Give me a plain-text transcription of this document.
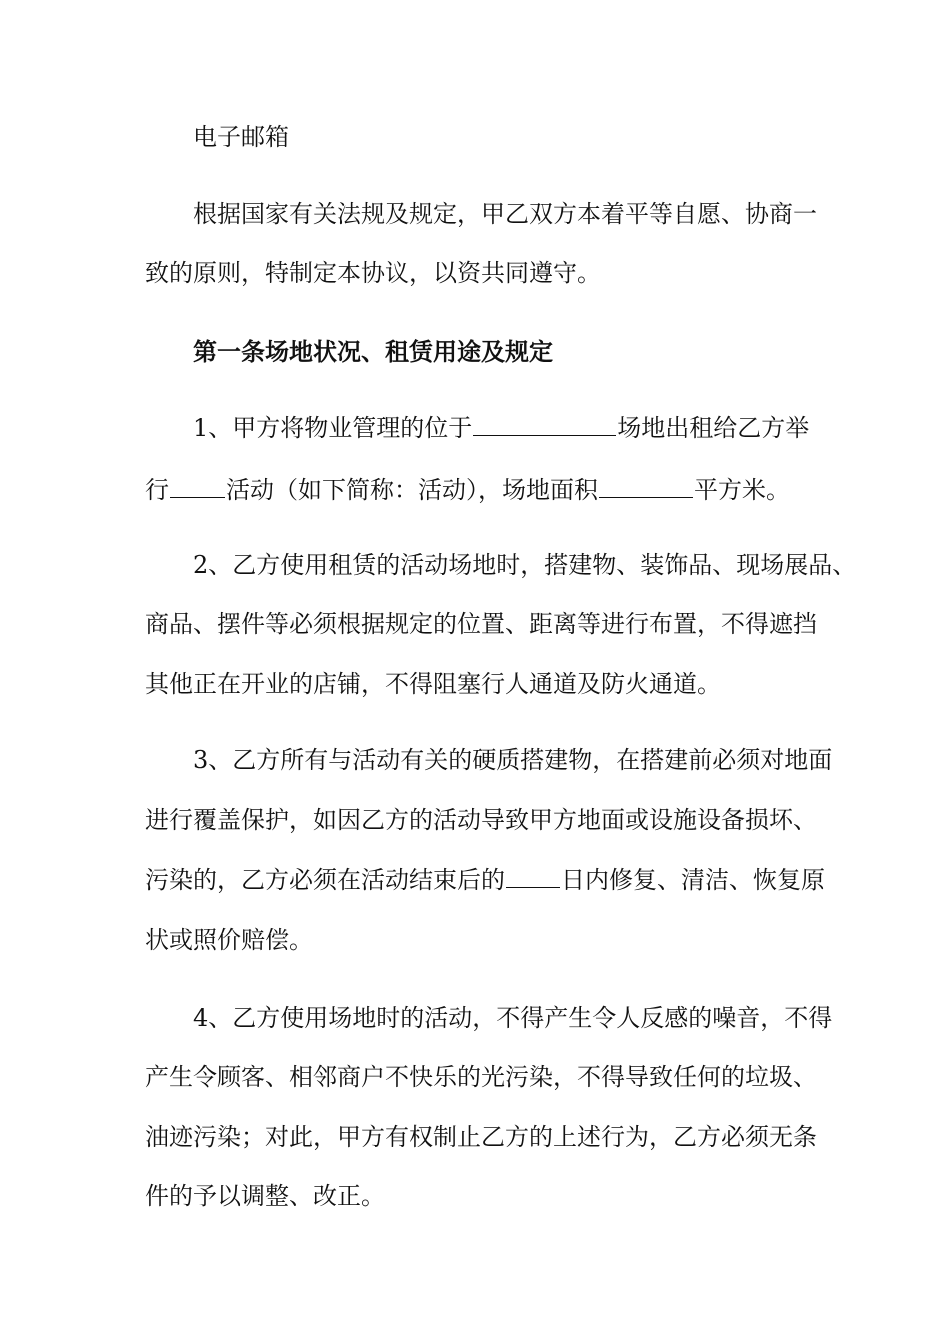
电子邮箱
根据国家有关法规及规定，甲乙双方本着平等自愿、协商一
致的原则，特制定本协议，以资共同遵守。
第一条场地状况、租赁用途及规定
1、甲方将物业管理的位于	场地出租给乙方举
行 活动（如下简称：活动），场地面积	平方米。
2、乙方使用租赁的活动场地时，搭建物、装饰品、现场展品、
商品、摆件等必须根据规定的位置、距离等进行布置，不得遮挡
其他正在开业的店铺，不得阻塞行人通道及防火通道。
3、乙方所有与活动有关的硬质搭建物，在搭建前必须对地面
进行覆盖保护，如因乙方的活动导致甲方地面或设施设备损坏、
污染的，乙方必须在活动结束后的 日内修复、清洁、恢复原
状或照价赔偿。
4、乙方使用场地时的活动，不得产生令人反感的噪音，不得
产生令顾客、相邻商户不快乐的光污染，不得导致任何的垃圾、
油迹污染；对此，甲方有权制止乙方的上述行为，乙方必须无条
件的予以调整、改正。
